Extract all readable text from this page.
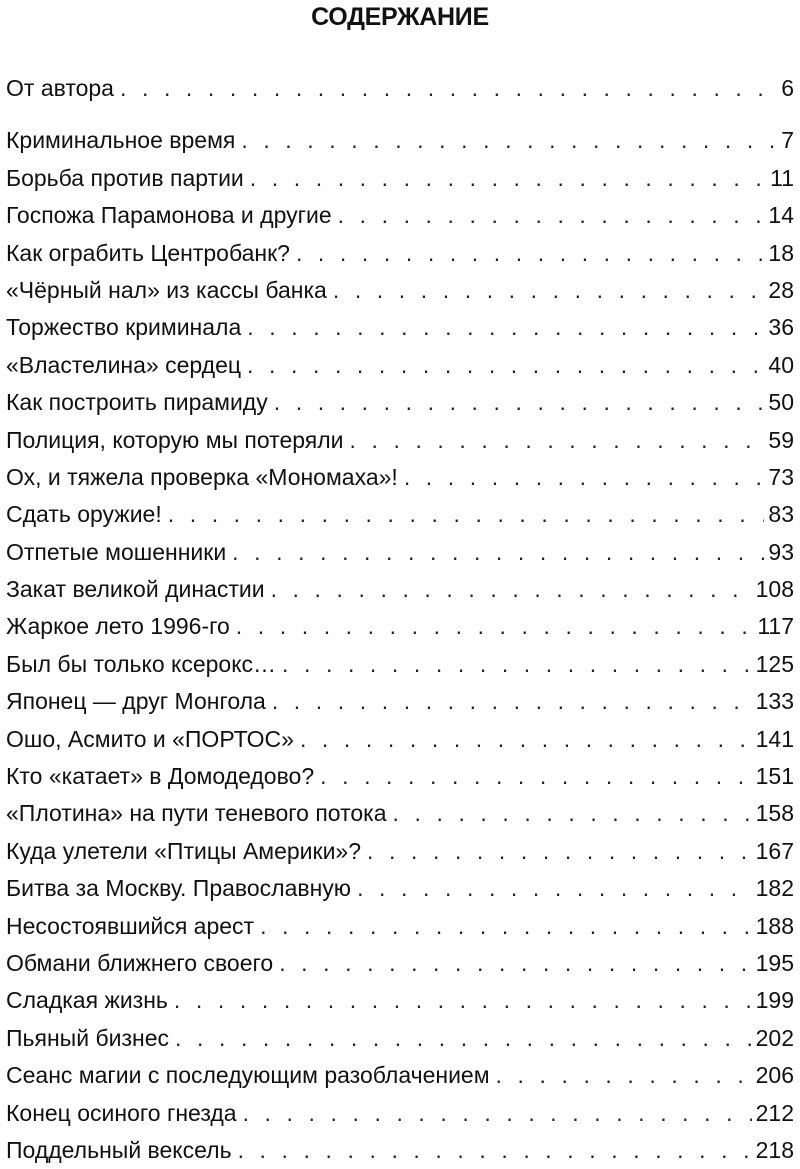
СОДЕРЖАНИЕ
От автора . . .	6
Криминальное время . . .	7
Борьба против партии . . .	11
Госпожа Парамонова и другие . . .	14
Как ограбить Центробанк? . . .	18
«Чёрный нал» из кассы банка . . .	28
Торжество криминала . . .	36
«Властелина» сердец . . .	40
Как построить пирамиду . . .	50
Полиция, которую мы потеряли . . .	59
Ох, и тяжела проверка «Мономаха»! . . .	73
Сдать оружие! . . .	83
Отпетые мошенники . . .	93
Закат великой династии . . .	108
Жаркое лето 1996-го . . .	117
Был бы только ксерокс… . . .	125
Японец — друг Монгола . . .	133
Ошо, Асмито и «ПОРТОС» . . .	141
Кто «катает» в Домодедово? . . .	151
«Плотина» на пути теневого потока . . .	158
Куда улетели «Птицы Америки»? . . .	167
Битва за Москву. Православную . . .	182
Несостоявшийся арест . . .	188
Обмани ближнего своего . . .	195
Сладкая жизнь . . .	199
Пьяный бизнес . . .	202
Сеанс магии с последующим разоблачением . . .	206
Конец осиного гнезда . . .	212
Поддельный вексель . . .	218
